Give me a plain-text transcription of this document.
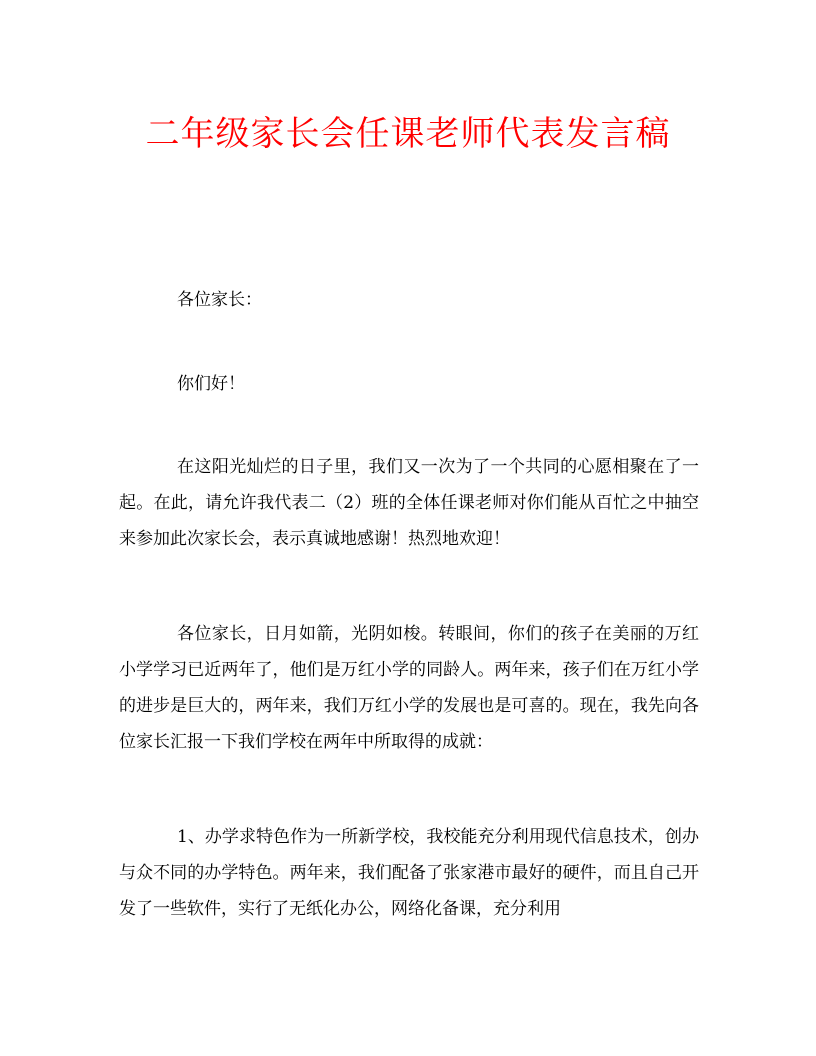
二年级家长会任课老师代表发言稿

各位家长：

你们好！

在这阳光灿烂的日子里，我们又一次为了一个共同的心愿相聚在了一起。在此，请允许我代表二（2）班的全体任课老师对你们能从百忙之中抽空来参加此次家长会，表示真诚地感谢！热烈地欢迎！

各位家长，日月如箭，光阴如梭。转眼间，你们的孩子在美丽的万红小学学习已近两年了，他们是万红小学的同龄人。两年来，孩子们在万红小学的进步是巨大的，两年来，我们万红小学的发展也是可喜的。现在，我先向各位家长汇报一下我们学校在两年中所取得的成就：

1、办学求特色作为一所新学校，我校能充分利用现代信息技术，创办与众不同的办学特色。两年来，我们配备了张家港市最好的硬件，而且自己开发了一些软件，实行了无纸化办公，网络化备课，充分利用
